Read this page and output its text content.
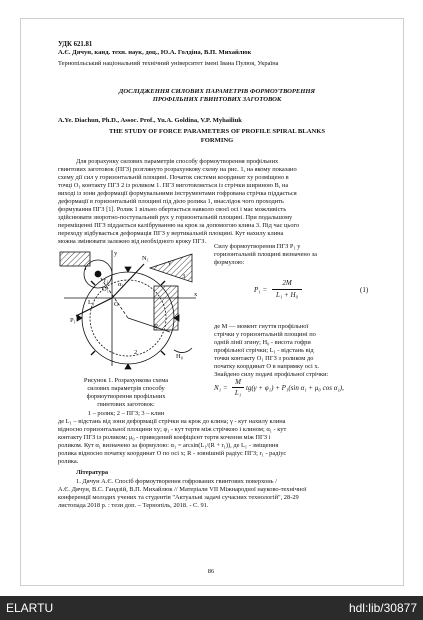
УДК 621.81
А.Є. Дячун, канд. техн. наук, доц., Ю.А. Голдіна, В.П. Михайлюк
Тернопільський національний технічний університет імені Івана Пулюя, Україна
ДОСЛІДЖЕННЯ СИЛОВИХ ПАРАМЕТРІВ ФОРМОУТВОРЕННЯ
ПРОФІЛЬНИХ ГВИНТОВИХ ЗАГОТОВОК
A.Ye. Diachun, Ph.D., Assoc. Prof., Yu.A. Goldina, V.P. Myhailiuk
THE STUDY OF FORCE PARAMETERS OF PROFILE SPIRAL BLANKS
FORMING
Для розрахунку силових параметрів способу формоутворення профільних
гвинтових заготовок (ПГЗ) розглянуто розрахункову схему на рис. 1, на якому показано
схему дії сил у горизонтальній площині. Початок системи координат xy розміщено в
точці O₁ контакту ПГЗ 2 із роликом 1. ПГЗ виготовляється із стрічки шириною B, на
виході із зони деформації формувальними інструментами гофрована стрічка піддається
деформації в горизонтальній площині під дією ролика 1, внаслідок чого проходить
формування ПГЗ [1]. Ролик 1 вільно обертається навколо своєї осі і має можливість
здійснювати зворотно-поступальний рух у горизонтальній площині. При подальшому
переміщенні ПГЗ піддається калібруванню на крок за допомогою клина 3. Під час цього
переходу відбувається деформація ПГЗ у вертикальній площині. Кут нахилу клина
можна змінювати залежно від необхідного кроку ПГЗ.
x
y
O
O₁
1
2
3
P₁
N₁
L₁
α₁
γ
R
r₁
H₀
Рисунок 1. Розрахункова схема
силових параметрів способу
формоутворення профільних
гвинтових заготовок:
1 – ролик; 2 – ПГЗ; 3 – клин
Силу формоутворення ПГЗ P₁ у
горизонтальній площині визначено за
формулою:
P₁ =
2M
L₁ + H₀
(1)
де M — момент гнуття профільної
стрічки у горизонтальній площині по
одній лінії згину; H₀ - висота гофри
профільної стрічки; L₁ - відстань від
точки контакту O₁ ПГЗ з роликом до
початку координат O в напрямку осі x.
Знайдено силу подачі профільної стрічки:
N₁ =
M
L₁
tg(γ + φ₁) + P₁(sin α₁ + μ₀ cos α₁),
де L₁ – відстань від зони деформації стрічки на крок до клина; γ - кут нахилу клина
відносно горизонтальної площини xy; φ₁ - кут тертя між стрічкою і клином; α₁ - кут
контакту ПГЗ із роликом; μ₀ - приведений коефіцієнт тертя кочення між ПГЗ і
роликом. Кут α₁ визначено за формулою: α₁ = arcsin(L₁/(R + r₁)), де L₁ - зміщення
ролика відносно початку координат O по осі x; R - зовнішній радіус ПГЗ; r₁ - радіус
ролика.
Література
1. Дячун А.Є. Спосіб формоутворення гофрованих гвинтових поверхонь /
А.Є. Дячун, В.С. Гандзій, В.П. Михайлюк // Матеріали VII Міжнародної науково-технічної
конференції молодих учених та студентів "Актуальні задачі сучасних технологій", 28-29
листопада 2018 р. : тези доп. – Тернопіль, 2018. - С. 91.
86
ELARTU	hdl:lib/30877
